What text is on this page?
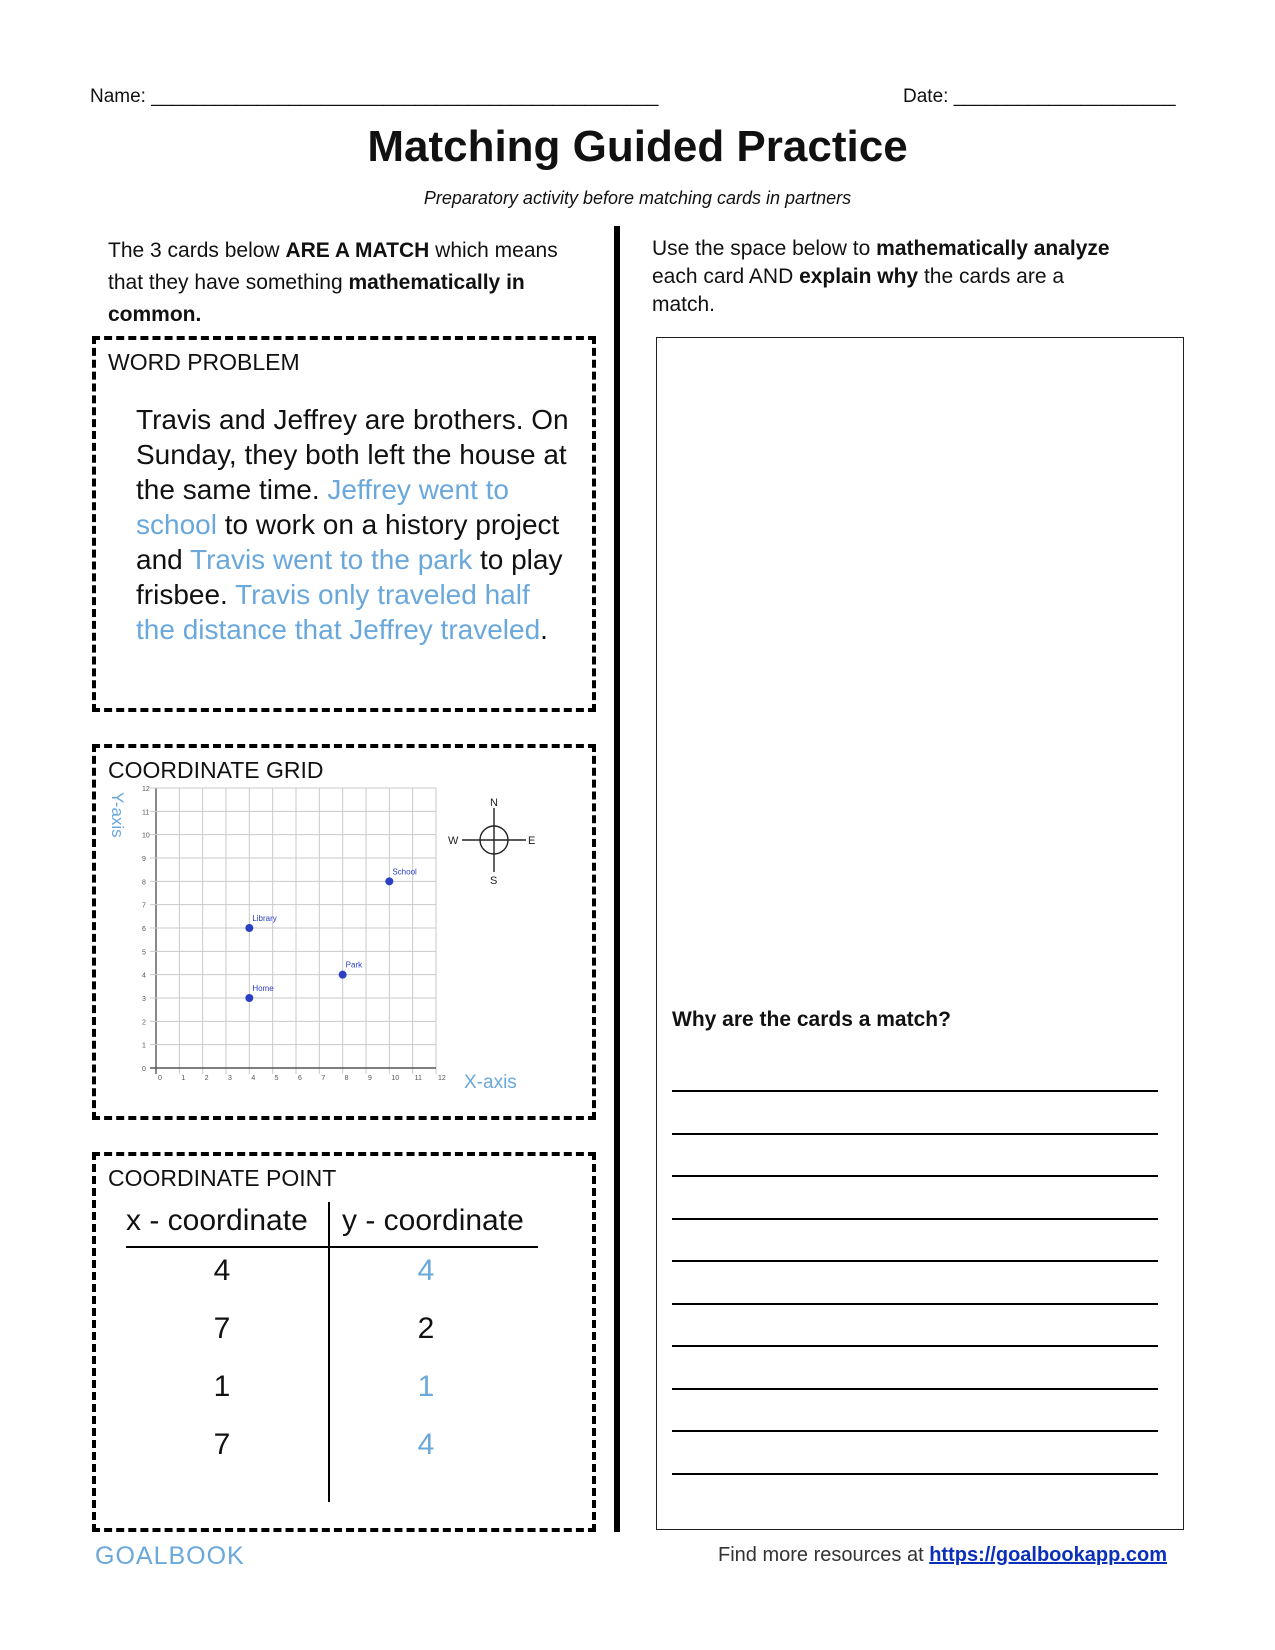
Name: ________________________________________________	Date: _____________________
Matching Guided Practice
Preparatory activity before matching cards in partners
The 3 cards below ARE A MATCH which means that they have something mathematically in common.
WORD PROBLEM
Travis and Jeffrey are brothers. On Sunday, they both left the house at the same time. Jeffrey went to school to work on a history project and Travis went to the park to play frisbee. Travis only traveled half the distance that Jeffrey traveled.
COORDINATE GRID
0	1	2	3	4	5	6	7	8	9	10 11 12
0
1
2
3
4
5
6
7
8
9
10
11
12
School
Library
Park
Home
X-axis
Y-axis	N
S
W	E
COORDINATE POINT
x - coordinate y - coordinate
4	4
7	2
1	1
7	4
Use the space below to mathematically analyze each card AND explain why the cards are a match.
Why are the cards a match?
GOALBOOK	Find more resources at https://goalbookapp.com
